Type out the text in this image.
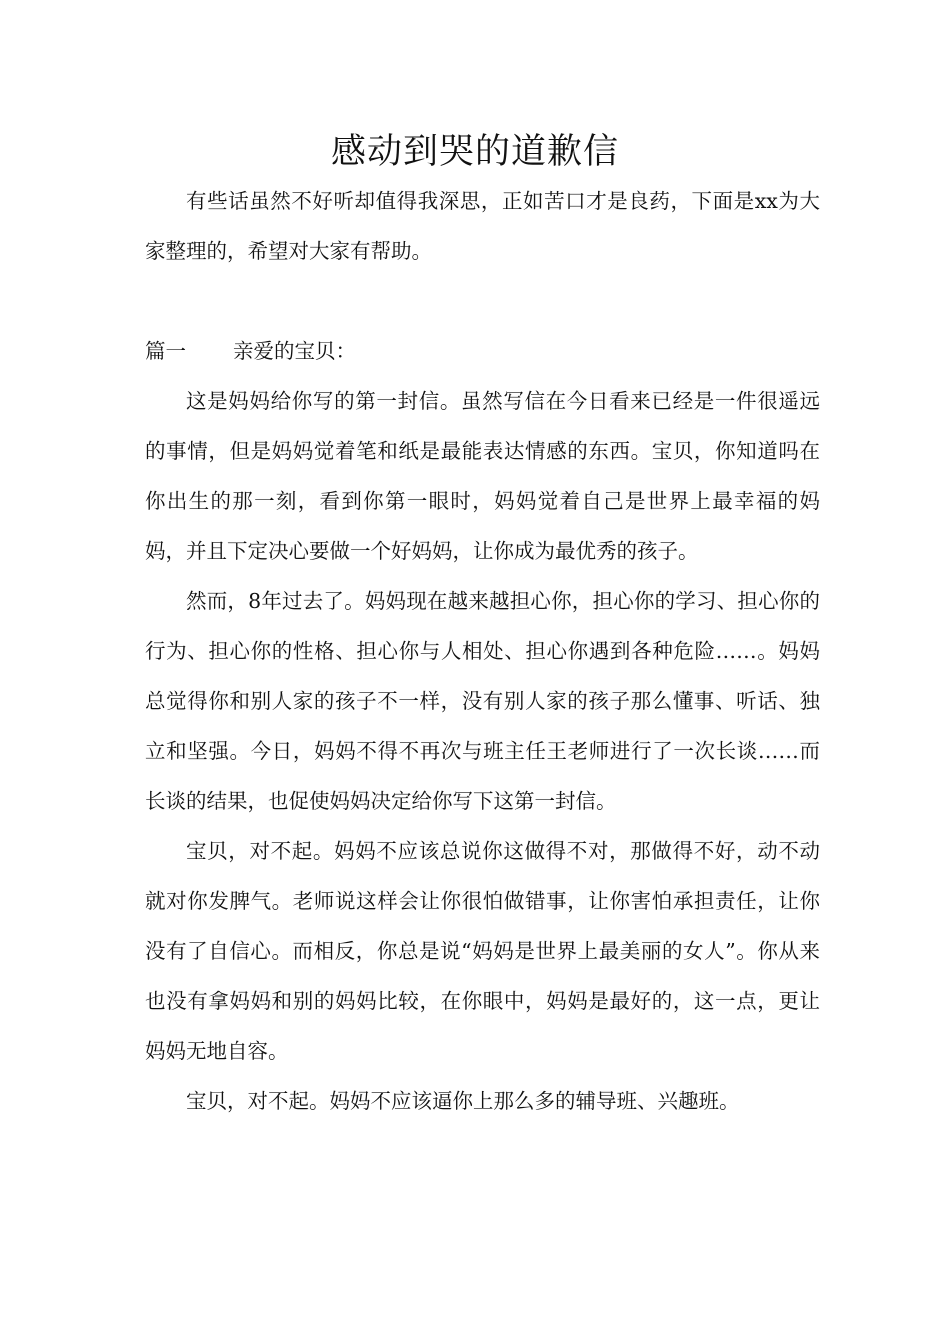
感动到哭的道歉信

有些话虽然不好听却值得我深思，正如苦口才是良药，下面是xx为大家整理的，希望对大家有帮助。

篇一 亲爱的宝贝：

这是妈妈给你写的第一封信。虽然写信在今日看来已经是一件很遥远的事情，但是妈妈觉着笔和纸是最能表达情感的东西。宝贝，你知道吗在你出生的那一刻，看到你第一眼时，妈妈觉着自己是世界上最幸福的妈妈，并且下定决心要做一个好妈妈，让你成为最优秀的孩子。

然而，8年过去了。妈妈现在越来越担心你，担心你的学习、担心你的行为、担心你的性格、担心你与人相处、担心你遇到各种危险……。妈妈总觉得你和别人家的孩子不一样，没有别人家的孩子那么懂事、听话、独立和坚强。今日，妈妈不得不再次与班主任王老师进行了一次长谈……而长谈的结果，也促使妈妈决定给你写下这第一封信。

宝贝，对不起。妈妈不应该总说你这做得不对，那做得不好，动不动就对你发脾气。老师说这样会让你很怕做错事，让你害怕承担责任，让你没有了自信心。而相反，你总是说“妈妈是世界上最美丽的女人”。你从来也没有拿妈妈和别的妈妈比较，在你眼中，妈妈是最好的，这一点，更让妈妈无地自容。

宝贝，对不起。妈妈不应该逼你上那么多的辅导班、兴趣班。
